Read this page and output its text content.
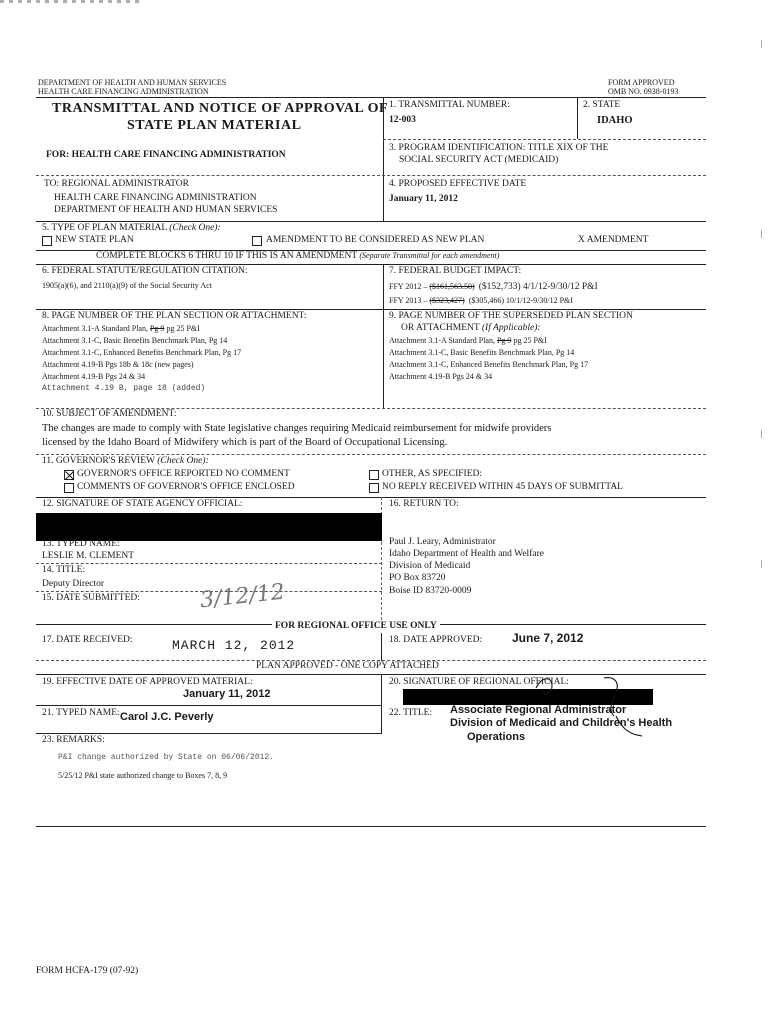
DEPARTMENT OF HEALTH AND HUMAN SERVICES
HEALTH CARE FINANCING ADMINISTRATION
FORM APPROVED
OMB NO. 0938-0193
TRANSMITTAL AND NOTICE OF APPROVAL OF
STATE PLAN MATERIAL
1. TRANSMITTAL NUMBER:
12-003
2. STATE
IDAHO
FOR: HEALTH CARE FINANCING ADMINISTRATION
3. PROGRAM IDENTIFICATION: TITLE XIX OF THE
SOCIAL SECURITY ACT (MEDICAID)
TO: REGIONAL ADMINISTRATOR
HEALTH CARE FINANCING ADMINISTRATION
DEPARTMENT OF HEALTH AND HUMAN SERVICES
4. PROPOSED EFFECTIVE DATE
January 11, 2012
5. TYPE OF PLAN MATERIAL (Check One):
NEW STATE PLAN	AMENDMENT TO BE CONSIDERED AS NEW PLAN	X AMENDMENT
COMPLETE BLOCKS 6 THRU 10 IF THIS IS AN AMENDMENT (Separate Transmittal for each amendment)
6. FEDERAL STATUTE/REGULATION CITATION:
1905(a)(6), and 2110(a)(9) of the Social Security Act
7. FEDERAL BUDGET IMPACT:
FFY 2012 – ($161,563.50) ($152,733) 4/1/12-9/30/12 P&I
FFY 2013 – ($323,427) ($305,466) 10/1/12-9/30/12 P&I
8. PAGE NUMBER OF THE PLAN SECTION OR ATTACHMENT:
Attachment 3.1-A Standard Plan, Pg 9 pg 25 P&I
Attachment 3.1-C, Basic Benefits Benchmark Plan, Pg 14
Attachment 3.1-C, Enhanced Benefits Benchmark Plan, Pg 17
Attachment 4.19-B Pgs 18b & 18c (new pages)
Attachment 4.19-B Pgs 24 & 34
Attachment 4.19 B, page 18 (added)
9. PAGE NUMBER OF THE SUPERSEDED PLAN SECTION
OR ATTACHMENT (If Applicable):
Attachment 3.1-A Standard Plan, Pg 9 pg 25 P&I
Attachment 3.1-C, Basic Benefits Benchmark Plan, Pg 14
Attachment 3.1-C, Enhanced Benefits Benchmark Plan, Pg 17
Attachment 4.19-B Pgs 24 & 34
10. SUBJECT OF AMENDMENT:
The changes are made to comply with State legislative changes requiring Medicaid reimbursement for midwife providers
licensed by the Idaho Board of Midwifery which is part of the Board of Occupational Licensing.
11. GOVERNOR'S REVIEW (Check One):
GOVERNOR'S OFFICE REPORTED NO COMMENT
COMMENTS OF GOVERNOR'S OFFICE ENCLOSED
OTHER, AS SPECIFIED:
NO REPLY RECEIVED WITHIN 45 DAYS OF SUBMITTAL
12. SIGNATURE OF STATE AGENCY OFFICIAL:	16. RETURN TO:
13. TYPED NAME:
LESLIE M. CLEMENT
14. TITLE:
Deputy Director
15. DATE SUBMITTED:	3/12/12
Paul J. Leary, Administrator
Idaho Department of Health and Welfare
Division of Medicaid
PO Box 83720
Boise ID 83720-0009
FOR REGIONAL OFFICE USE ONLY
17. DATE RECEIVED:	MARCH 12, 2012	18. DATE APPROVED: June 7, 2012
PLAN APPROVED - ONE COPY ATTACHED
19. EFFECTIVE DATE OF APPROVED MATERIAL:
January 11, 2012
20. SIGNATURE OF REGIONAL OFFICIAL:
21. TYPED NAME: Carol J.C. Peverly	22. TITLE: Associate Regional Administrator
Division of Medicaid and Children's Health
Operations
23. REMARKS:
P&I change authorized by State on 06/06/2012.
5/25/12 P&I state authorized change to Boxes 7, 8, 9
FORM HCFA-179 (07-92)
